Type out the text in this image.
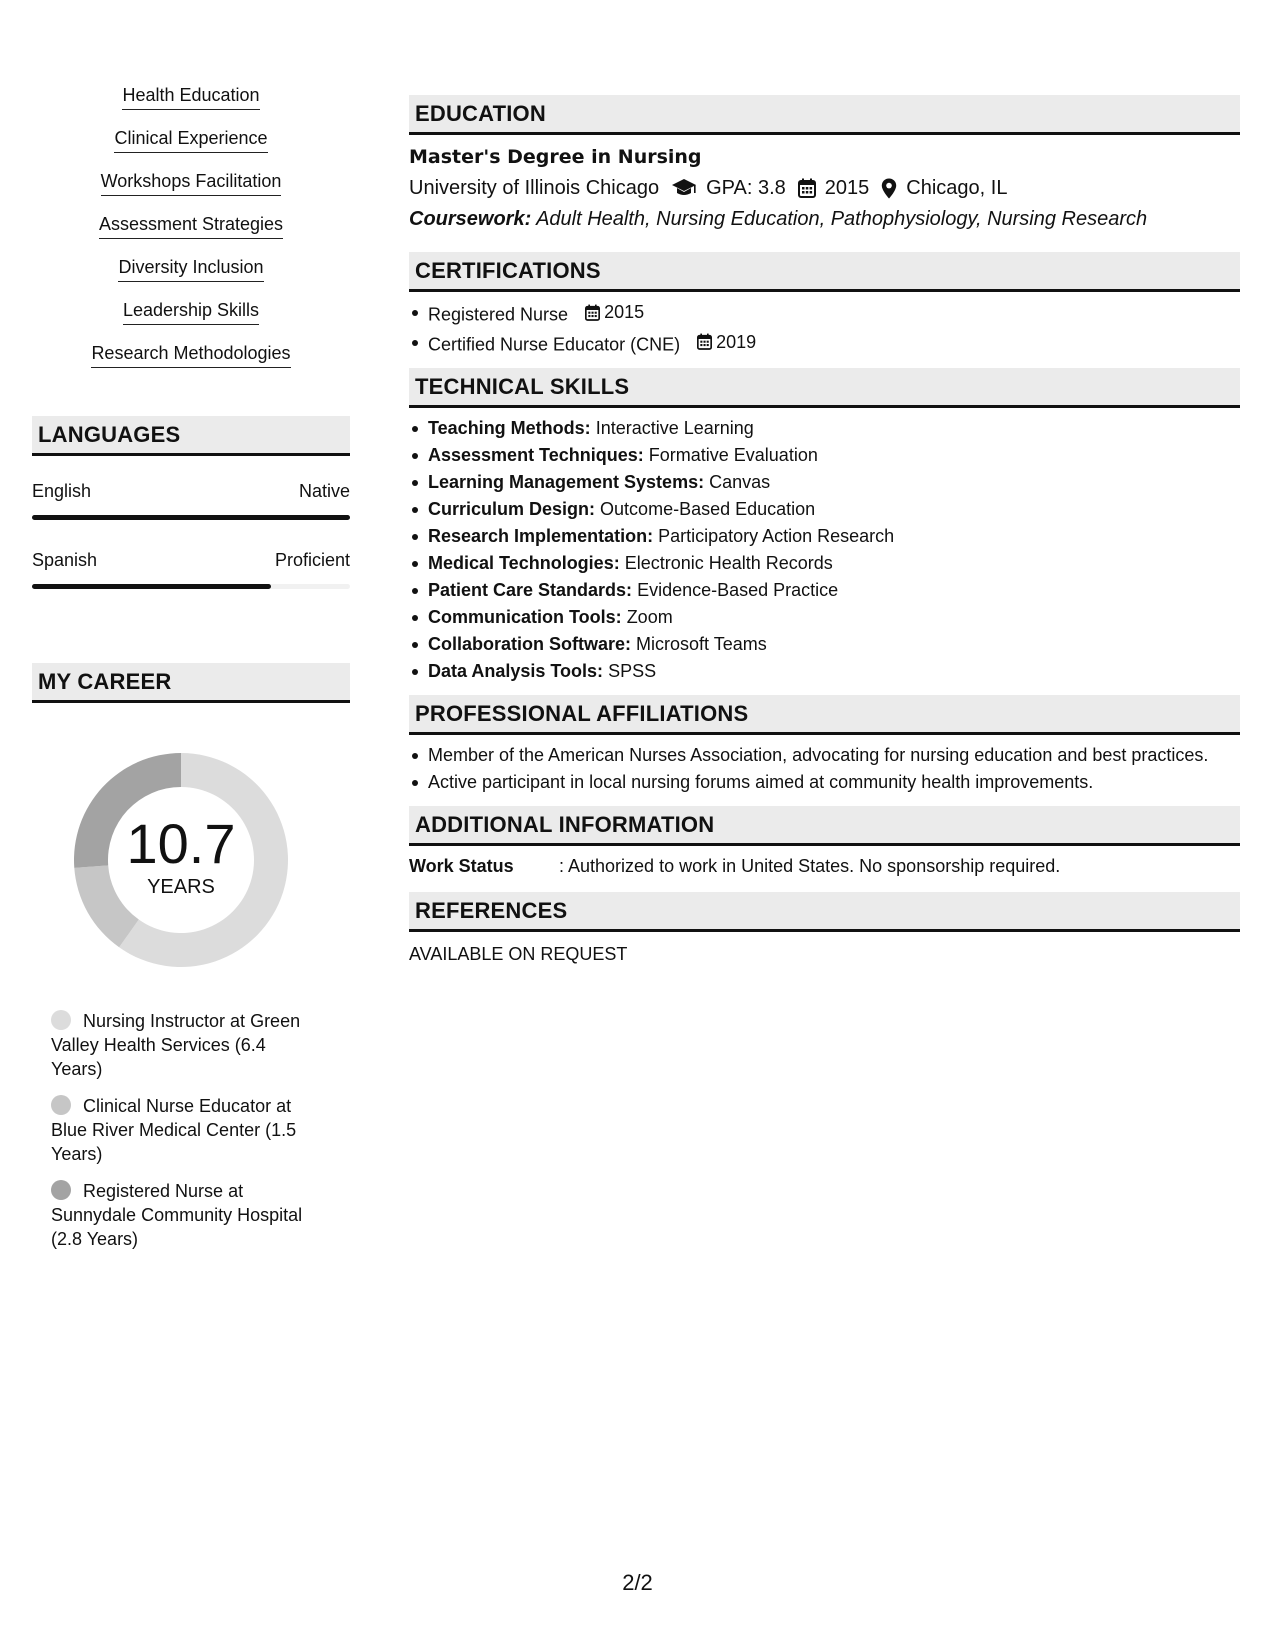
Health Education
Clinical Experience
Workshops Facilitation
Assessment Strategies
Diversity Inclusion
Leadership Skills
Research Methodologies
LANGUAGES
English	Native
Spanish	Proficient
MY CAREER
10.7
YEARS
Nursing Instructor at Green Valley Health Services (6.4 Years)
Clinical Nurse Educator at Blue River Medical Center (1.5 Years)
Registered Nurse at Sunnydale Community Hospital (2.8 Years)
EDUCATION
Master's Degree in Nursing
University of Illinois Chicago GPA: 3.8 2015 Chicago, IL
Coursework: Adult Health, Nursing Education, Pathophysiology, Nursing Research
CERTIFICATIONS
Registered Nurse 2015
Certified Nurse Educator (CNE) 2019
TECHNICAL SKILLS
Teaching Methods: Interactive Learning
Assessment Techniques: Formative Evaluation
Learning Management Systems: Canvas
Curriculum Design: Outcome-Based Education
Research Implementation: Participatory Action Research
Medical Technologies: Electronic Health Records
Patient Care Standards: Evidence-Based Practice
Communication Tools: Zoom
Collaboration Software: Microsoft Teams
Data Analysis Tools: SPSS
PROFESSIONAL AFFILIATIONS
Member of the American Nurses Association, advocating for nursing education and best practices.
Active participant in local nursing forums aimed at community health improvements.
ADDITIONAL INFORMATION
Work Status	: Authorized to work in United States. No sponsorship required.
REFERENCES
AVAILABLE ON REQUEST
2/2
